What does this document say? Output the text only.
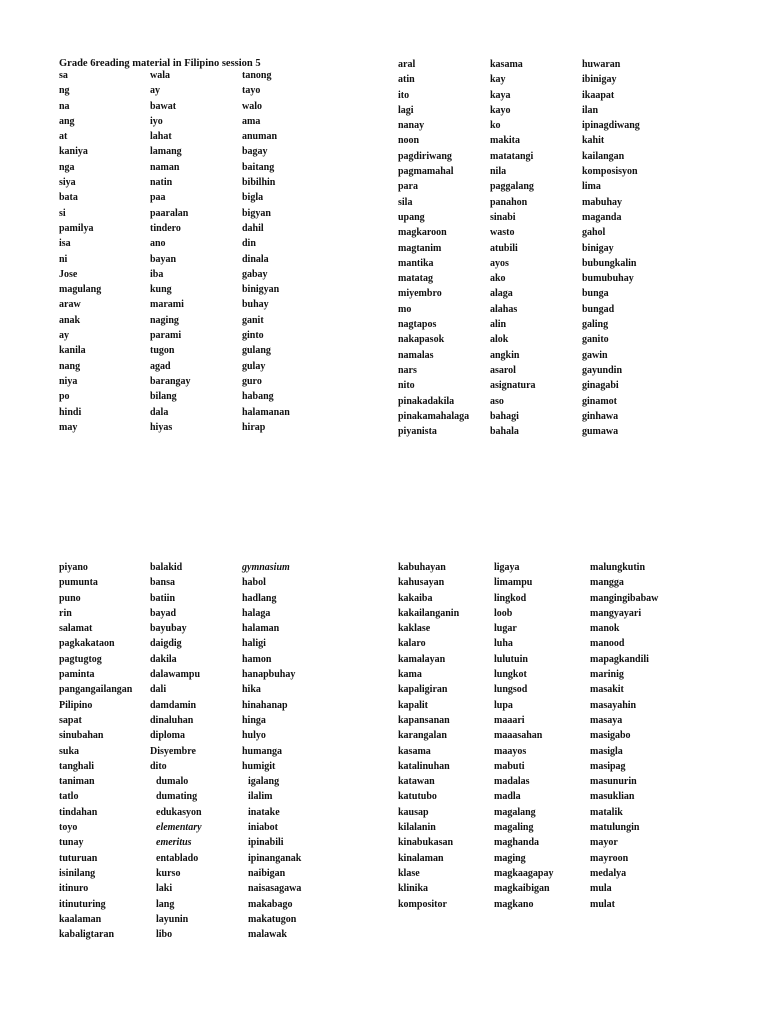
Grade 6reading material in Filipino session 5
sa
ng
na
ang
at
kaniya
nga
siya
bata
si
pamilya
isa
ni
Jose
magulang
araw
anak
ay
kanila
nang
niya
po
hindi
may
wala
ay
bawat
iyo
lahat
lamang
naman
natin
paa
paaralan
tindero
ano
bayan
iba
kung
marami
naging
parami
tugon
agad
barangay
bilang
dala
hiyas
tanong
tayo
walo
ama
anuman
bagay
baitang
bibilhin
bigla
bigyan
dahil
din
dinala
gabay
binigyan
buhay
ganit
ginto
gulang
gulay
guro
habang
halamanan
hirap
aral
atin
ito
lagi
nanay
noon
pagdiriwang
pagmamahal
para
sila
upang
magkaroon
magtanim
mantika
matatag
miyembro
mo
nagtapos
nakapasok
namalas
nars
nito
pinakadakila
pinakamahalaga
piyanista
kasama
kay
kaya
kayo
ko
makita
matatangi
nila
paggalang
panahon
sinabi
wasto
atubili
ayos
ako
alaga
alahas
alin
alok
angkin
asarol
asignatura
aso
bahagi
bahala
huwaran
ibinigay
ikaapat
ilan
ipinagdiwang
kahit
kailangan
komposisyon
lima
mabuhay
maganda
gahol
binigay
bubungkalin
bumubuhay
bunga
bungad
galing
ganito
gawin
gayundin
ginagabi
ginamot
ginhawa
gumawa
piyano
pumunta
puno
rin
salamat
pagkakataon
pagtugtog
paminta
pangangailangan
Pilipino
sapat
sinubahan
suka
tanghali
taniman
tatlo
tindahan
toyo
tunay
tuturuan
isinilang
itinuro
itinuturing
kaalaman
kabaligtaran
balakid
bansa
batiin
bayad
bayubay
daigdig
dakila
dalawampu
dali
damdamin
dinaluhan
diploma
Disyembre
dito
dumalo
dumating
edukasyon
elementary
emeritus
entablado
kurso
laki
lang
layunin
libo
gymnasium
habol
hadlang
halaga
halaman
haligi
hamon
hanapbuhay
hika
hinahanap
hinga
hulyo
humanga
humigit
igalang
ilalim
inatake
iniabot
ipinabili
ipinanganak
naibigan
naisasagawa
makabago
makatugon
malawak
kabuhayan
kahusayan
kakaiba
kakailanganin
kaklase
kalaro
kamalayan
kama
kapaligiran
kapalit
kapansanan
karangalan
kasama
katalinuhan
katawan
katutubo
kausap
kilalanin
kinabukasan
kinalaman
klase
klinika
kompositor
ligaya
limampu
lingkod
loob
lugar
luha
lulutuin
lungkot
lungsod
lupa
maaari
maaasahan
maayos
mabuti
madalas
madla
magalang
magaling
maghanda
maging
magkaagapay
magkaibigan
magkano
malungkutin
mangga
mangingibabaw
mangyayari
manok
manood
mapagkandili
marinig
masakit
masayahin
masaya
masigabo
masigla
masipag
masunurin
masuklian
matalik
matulungin
mayor
mayroon
medalya
mula
mulat
